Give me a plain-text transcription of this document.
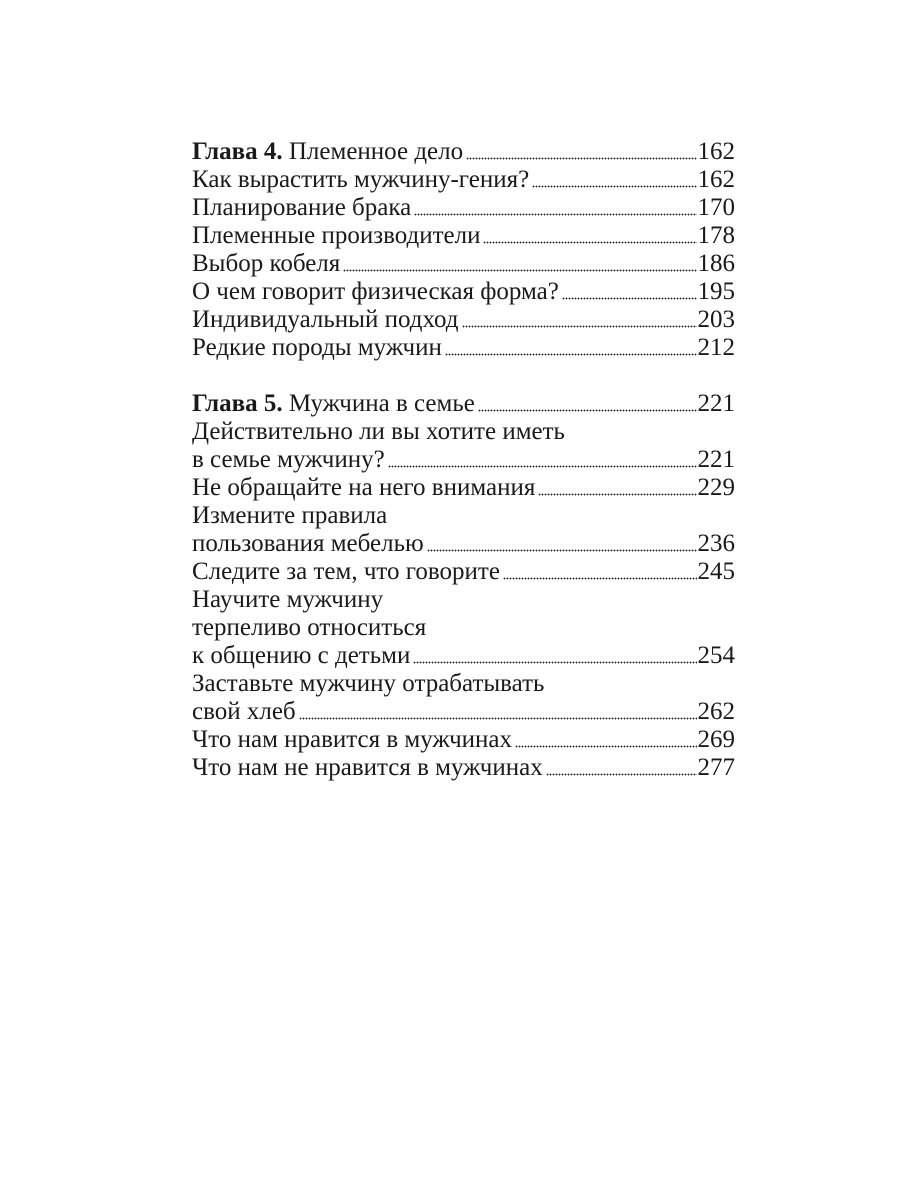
Глава 4. Племенное дело	162
Как вырастить мужчину-гения?	162
Планирование брака	170
Племенные производители	178
Выбор кобеля	186
О чем говорит физическая форма?	195
Индивидуальный подход	203
Редкие породы мужчин	212
Глава 5. Мужчина в семье	221
Действительно ли вы хотите иметь
в семье мужчину?	221
Не обращайте на него внимания	229
Измените правила
пользования мебелью	236
Следите за тем, что говорите	245
Научите мужчину
терпеливо относиться
к общению с детьми	254
Заставьте мужчину отрабатывать
свой хлеб	262
Что нам нравится в мужчинах	269
Что нам не нравится в мужчинах	277
